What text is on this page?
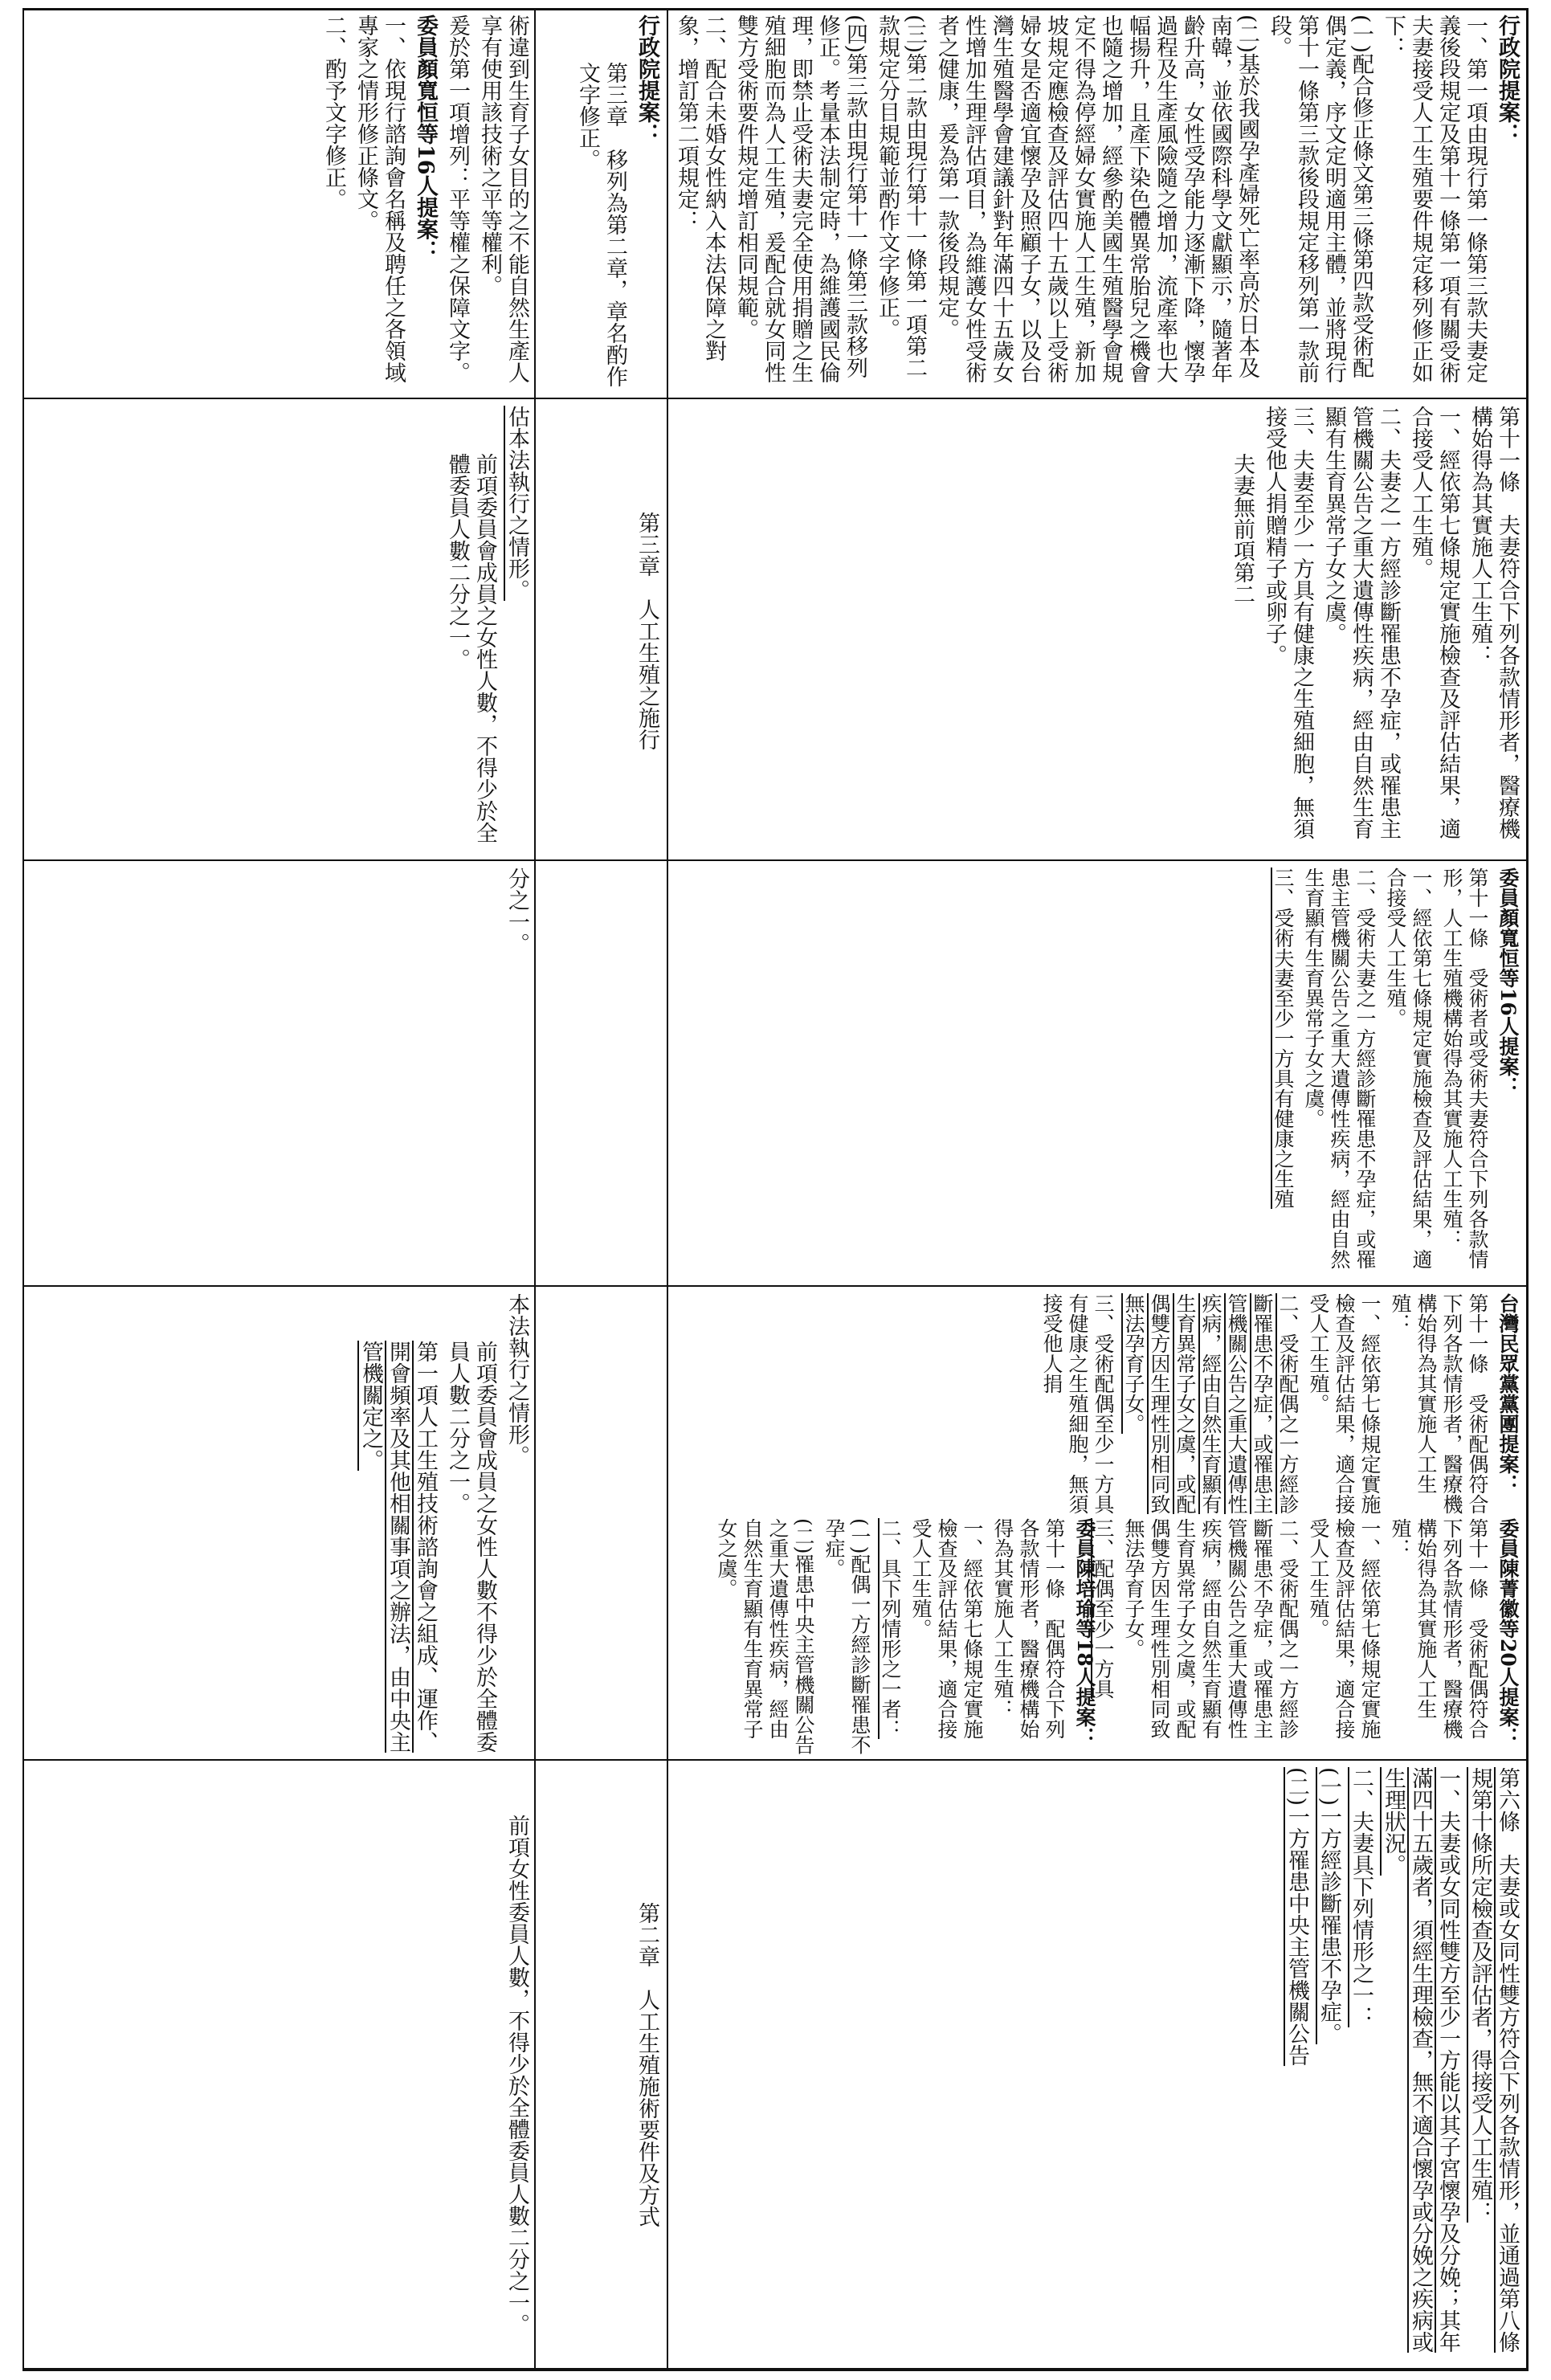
前項女性委員人數，不得少於全體委員人數二分之一。

本法執行之情形。

前項委員會成員之女性人數不得少於全體委員人數二分之一。

第一項人工生殖技術諮詢會之組成、運作、開會頻率及其他相關事項之辦法，由中央主管機關定之。

分之一。

估本法執行之情形。

前項委員會成員之女性人數，不得少於全體委員人數二分之一。

術違到生育子女目的之不能自然生產人享有使用該技術之平等權利。

爰於第一項增列：平等權之保障文字。

委員顏寬恒等16人提案：

一、依現行諮詢會名稱及聘任之各領域專家之情形修正條文。

二、酌予文字修正。

第二章　人工生殖施術要件及方式
第三章　人工生殖之施行

行政院提案：

第三章　移列為第二章，章名酌作文字修正。

第六條　夫妻或女同性雙方符合下列各款情形，並通過第八條規第十條所定檢查及評估者，得接受人工生殖：

一、夫妻或女同性雙方至少一方能以其子宮懷孕及分娩；其年滿四十五歲者，須經生理檢查，無不適合懷孕或分娩之疾病或生理狀況。

二、夫妻具下列情形之一：

(一)一方經診斷罹患不孕症。

(二)一方罹患中央主管機關公告

委員陳菁徽等20人提案：

第十一條　受術配偶符合下列各款情形者，醫療機構始得為其實施人工生殖：

一、經依第七條規定實施檢查及評估結果，適合接受人工生殖。

二、受術配偶之一方經診斷罹患不孕症，或罹患主管機關公告之重大遺傳性疾病，經由自然生育顯有生育異常子女之虞，或配偶雙方因生理性別相同致無法孕育子女。

三、配偶至少一方具

委員陳培瑜等18人提案：

第十一條　配偶符合下列各款情形者，醫療機構始得為其實施人工生殖：

一、經依第七條規定實施檢查及評估結果，適合接受人工生殖。

二、具下列情形之一者：

(一)配偶一方經診斷罹患不孕症。

(二)罹患中央主管機關公告之重大遺傳性疾病，經由自然生育顯有生育異常子女之虞。

台灣民眾黨黨團提案：

第十一條　受術配偶符合下列各款情形者，醫療機構始得為其實施人工生殖：

一、經依第七條規定實施檢查及評估結果，適合接受人工生殖。

二、受術配偶之一方經診斷罹患不孕症，或罹患主管機關公告之重大遺傳性疾病，經由自然生育顯有生育異常子女之虞，或配偶雙方因生理性別相同致無法孕育子女。

三、受術配偶至少一方具有健康之生殖細胞，無須接受他人捐

委員顏寬恒等16人提案：

第十一條　受術者或受術夫妻符合下列各款情形，人工生殖機構始得為其實施人工生殖：

一、經依第七條規定實施檢查及評估結果，適合接受人工生殖。

二、受術夫妻之一方經診斷罹患不孕症，或罹患主管機關公告之重大遺傳性疾病，經由自然生育顯有生育異常子女之虞。

三、受術夫妻至少一方具有健康之生殖

第十一條　夫妻符合下列各款情形者，醫療機構始得為其實施人工生殖：

一、經依第七條規定實施檢查及評估結果，適合接受人工生殖。

二、夫妻之一方經診斷罹患不孕症，或罹患主管機關公告之重大遺傳性疾病，經由自然生育顯有生育異常子女之虞。

三、夫妻至少一方具有健康之生殖細胞，無須接受他人捐贈精子或卵子。

夫妻無前項第二

行政院提案：

一、第一項由現行第一條第三款夫妻定義後段規定及第十一條第一項有關受術夫妻接受人工生殖要件規定移列修正如下：

(一)配合修正條文第三條第四款受術配偶定義，序文定明適用主體，並將現行第十一條第三款後段規定移列第一款前段。

(二)基於我國孕產婦死亡率高於日本及南韓，並依國際科學文獻顯示，隨著年齡升高，女性受孕能力逐漸下降，懷孕過程及生產風險隨之增加，流產率也大幅揚升，且產下染色體異常胎兒之機會也隨之增加，經參酌美國生殖醫學會規定不得為停經婦女實施人工生殖，新加坡規定應檢查及評估四十五歲以上受術婦女是否適宜懷孕及照顧子女，以及台灣生殖醫學會建議針對年滿四十五歲女性增加生理評估項目，為維護女性受術者之健康，爰為第一款後段規定。

(三)第二款由現行第十一條第一項第二款規定分目規範並酌作文字修正。

(四)第三款由現行第十一條第三款移列修正。考量本法制定時，為維護國民倫理，即禁止受術夫妻完全使用捐贈之生殖細胞而為人工生殖，爰配合就女同性雙方受術要件規定增訂相同規範。

二、配合未婚女性納入本法保障之對象，增訂第二項規定：
